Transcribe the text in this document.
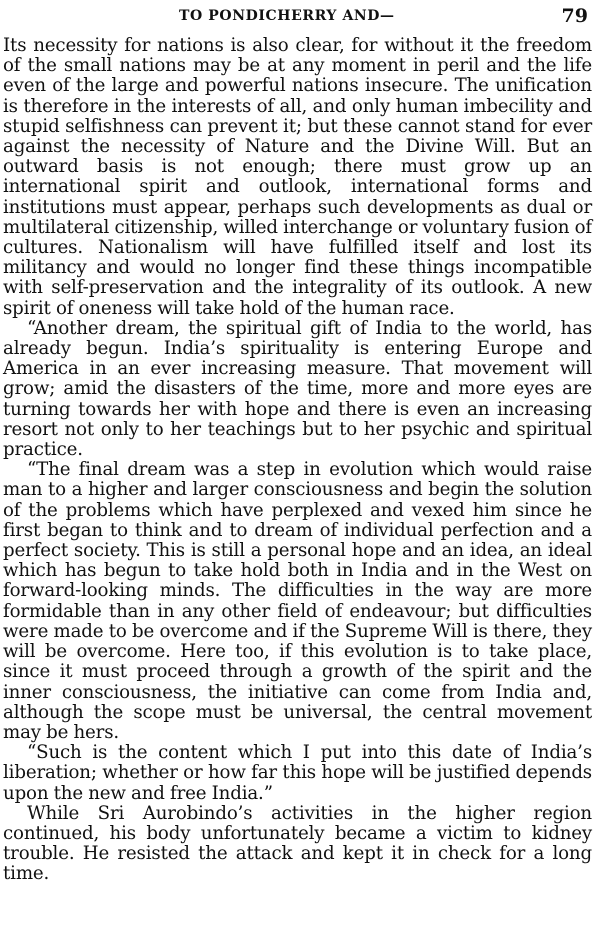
TO PONDICHERRY AND—	79

Its necessity for nations is also clear, for without it the freedom of the small nations may be at any moment in peril and the life even of the large and powerful nations insecure. The unification is therefore in the interests of all, and only human imbecility and stupid selfishness can prevent it; but these cannot stand for ever against the necessity of Nature and the Divine Will. But an outward basis is not enough; there must grow up an international spirit and outlook, international forms and institutions must appear, perhaps such developments as dual or multilateral citizenship, willed interchange or voluntary fusion of cultures. Nationalism will have fulfilled itself and lost its militancy and would no longer find these things incompatible with self-preservation and the integrality of its outlook. A new spirit of oneness will take hold of the human race.

“Another dream, the spiritual gift of India to the world, has already begun. India’s spirituality is entering Europe and America in an ever increasing measure. That movement will grow; amid the disasters of the time, more and more eyes are turning towards her with hope and there is even an increasing resort not only to her teachings but to her psychic and spiritual practice.

“The final dream was a step in evolution which would raise man to a higher and larger consciousness and begin the solution of the problems which have perplexed and vexed him since he first began to think and to dream of individual perfection and a perfect society. This is still a personal hope and an idea, an ideal which has begun to take hold both in India and in the West on forward-looking minds. The difficulties in the way are more formidable than in any other field of endeavour; but difficulties were made to be overcome and if the Supreme Will is there, they will be overcome. Here too, if this evolution is to take place, since it must proceed through a growth of the spirit and the inner consciousness, the initiative can come from India and, although the scope must be universal, the central movement may be hers.

“Such is the content which I put into this date of India’s liberation; whether or how far this hope will be justified depends upon the new and free India.”

While Sri Aurobindo’s activities in the higher region continued, his body unfortunately became a victim to kidney trouble. He resisted the attack and kept it in check for a long time.
